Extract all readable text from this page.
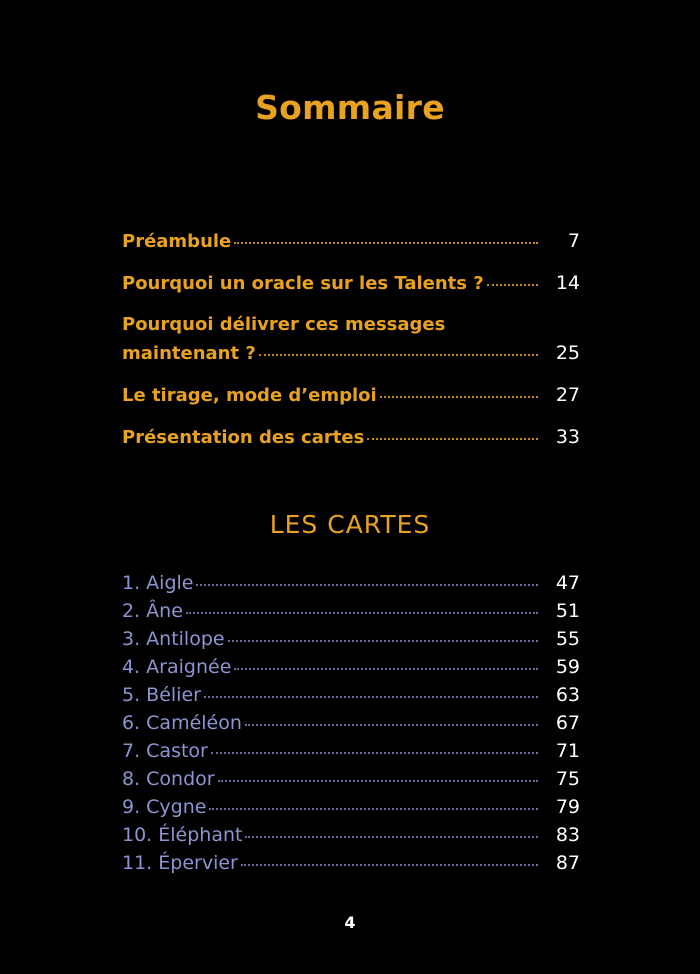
Sommaire
Préambule	7
Pourquoi un oracle sur les Talents ?	14
Pourquoi délivrer ces messages
maintenant ?	25
Le tirage, mode d’emploi	27
Présentation des cartes	33
LES CARTES
1. Aigle	47
2. Âne	51
3. Antilope	55
4. Araignée	59
5. Bélier	63
6. Caméléon	67
7. Castor	71
8. Condor	75
9. Cygne	79
10. Éléphant	83
11. Épervier	87
4
